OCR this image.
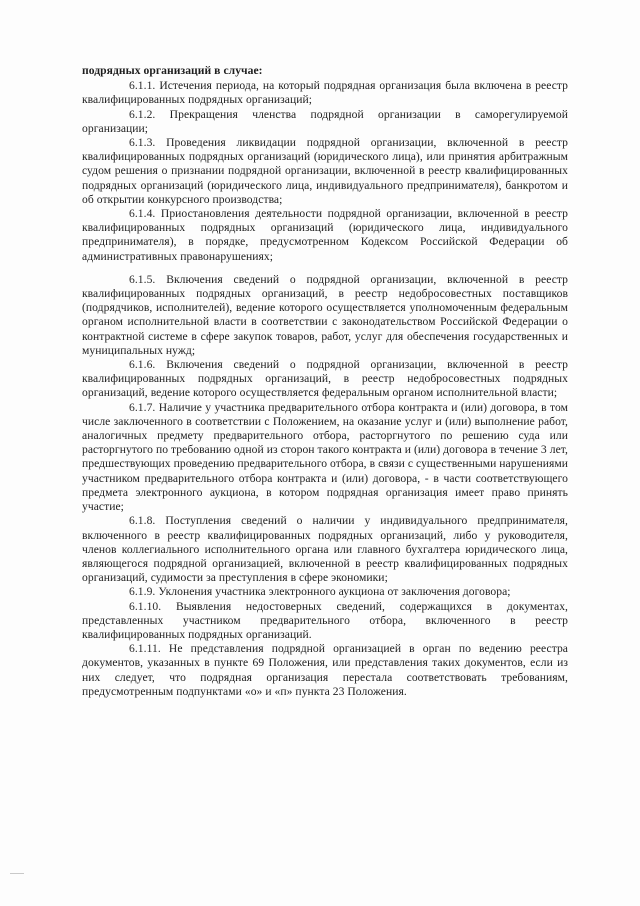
подрядных организаций в случае:

6.1.1. Истечения периода, на который подрядная организация была включена в реестр квалифицированных подрядных организаций;

6.1.2. Прекращения членства подрядной организации в саморегулируемой организации;

6.1.3. Проведения ликвидации подрядной организации, включенной в реестр квалифицированных подрядных организаций (юридического лица), или принятия арбитражным судом решения о признании подрядной организации, включенной в реестр квалифицированных подрядных организаций (юридического лица, индивидуального предпринимателя), банкротом и об открытии конкурсного производства;

6.1.4. Приостановления деятельности подрядной организации, включенной в реестр квалифицированных подрядных организаций (юридического лица, индивидуального предпринимателя), в порядке, предусмотренном Кодексом Российской Федерации об административных правонарушениях;

6.1.5. Включения сведений о подрядной организации, включенной в реестр квалифицированных подрядных организаций, в реестр недобросовестных поставщиков (подрядчиков, исполнителей), ведение которого осуществляется уполномоченным федеральным органом исполнительной власти в соответствии с законодательством Российской Федерации о контрактной системе в сфере закупок товаров, работ, услуг для обеспечения государственных и муниципальных нужд;

6.1.6. Включения сведений о подрядной организации, включенной в реестр квалифицированных подрядных организаций, в реестр недобросовестных подрядных организаций, ведение которого осуществляется федеральным органом исполнительной власти;

6.1.7. Наличие у участника предварительного отбора контракта и (или) договора, в том числе заключенного в соответствии с Положением, на оказание услуг и (или) выполнение работ, аналогичных предмету предварительного отбора, расторгнутого по решению суда или расторгнутого по требованию одной из сторон такого контракта и (или) договора в течение 3 лет, предшествующих проведению предварительного отбора, в связи с существенными нарушениями участником предварительного отбора контракта и (или) договора, - в части соответствующего предмета электронного аукциона, в котором подрядная организация имеет право принять участие;

6.1.8. Поступления сведений о наличии у индивидуального предпринимателя, включенного в реестр квалифицированных подрядных организаций, либо у руководителя, членов коллегиального исполнительного органа или главного бухгалтера юридического лица, являющегося подрядной организацией, включенной в реестр квалифицированных подрядных организаций, судимости за преступления в сфере экономики;

6.1.9. Уклонения участника электронного аукциона от заключения договора;

6.1.10. Выявления недостоверных сведений, содержащихся в документах, представленных участником предварительного отбора, включенного в реестр квалифицированных подрядных организаций.

6.1.11. Не представления подрядной организацией в орган по ведению реестра документов, указанных в пункте 69 Положения, или представления таких документов, если из них следует, что подрядная организация перестала соответствовать требованиям, предусмотренным подпунктами «о» и «п» пункта 23 Положения.
